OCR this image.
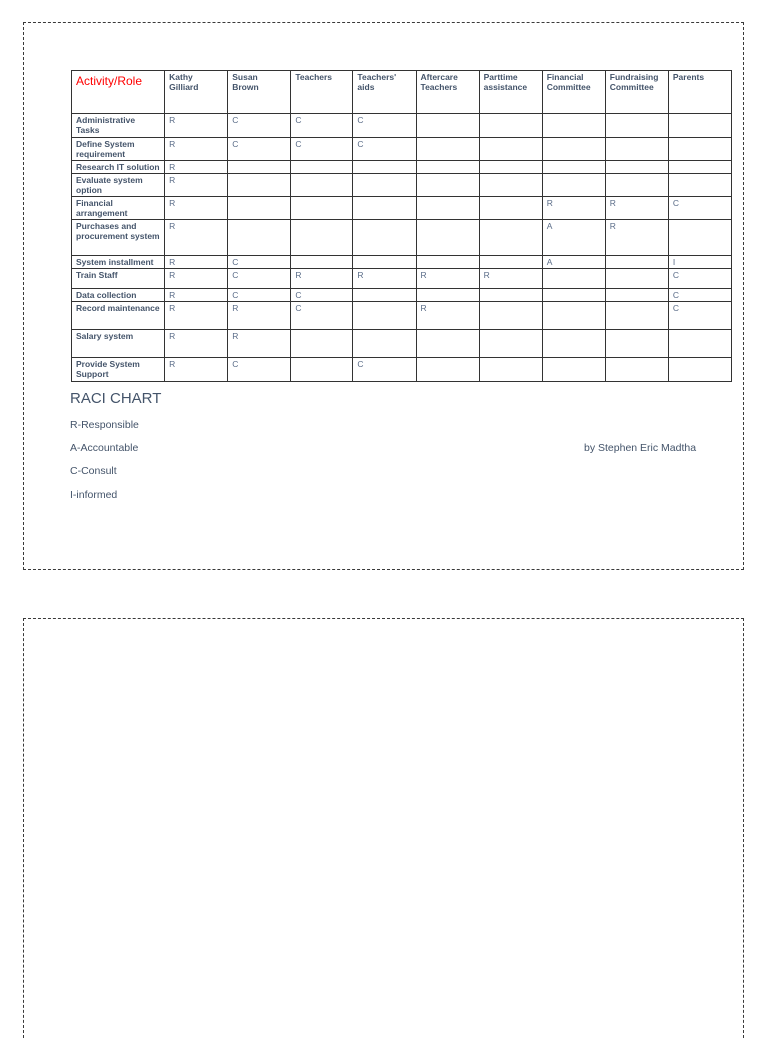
Activity/Role	Kathy Gilliard	Susan Brown	Teachers	Teachers' aids	Aftercare Teachers	Parttime assistance	Financial Committee	Fundraising Committee	Parents
Administrative Tasks	R	C	C	C					
Define System requirement	R	C	C	C					
Research IT solution	R								
Evaluate system option	R								
Financial arrangement	R						R	R	C
Purchases and procurement system	R						A	R	
System installment	R	C					A		I
Train Staff	R	C	R	R	R	R			C
Data collection	R	C	C						C
Record maintenance	R	R	C		R				C
Salary system	R	R							
Provide System Support	R	C		C					
RACI CHART
R-Responsible
A-Accountable
C-Consult
I-informed
by Stephen Eric Madtha
